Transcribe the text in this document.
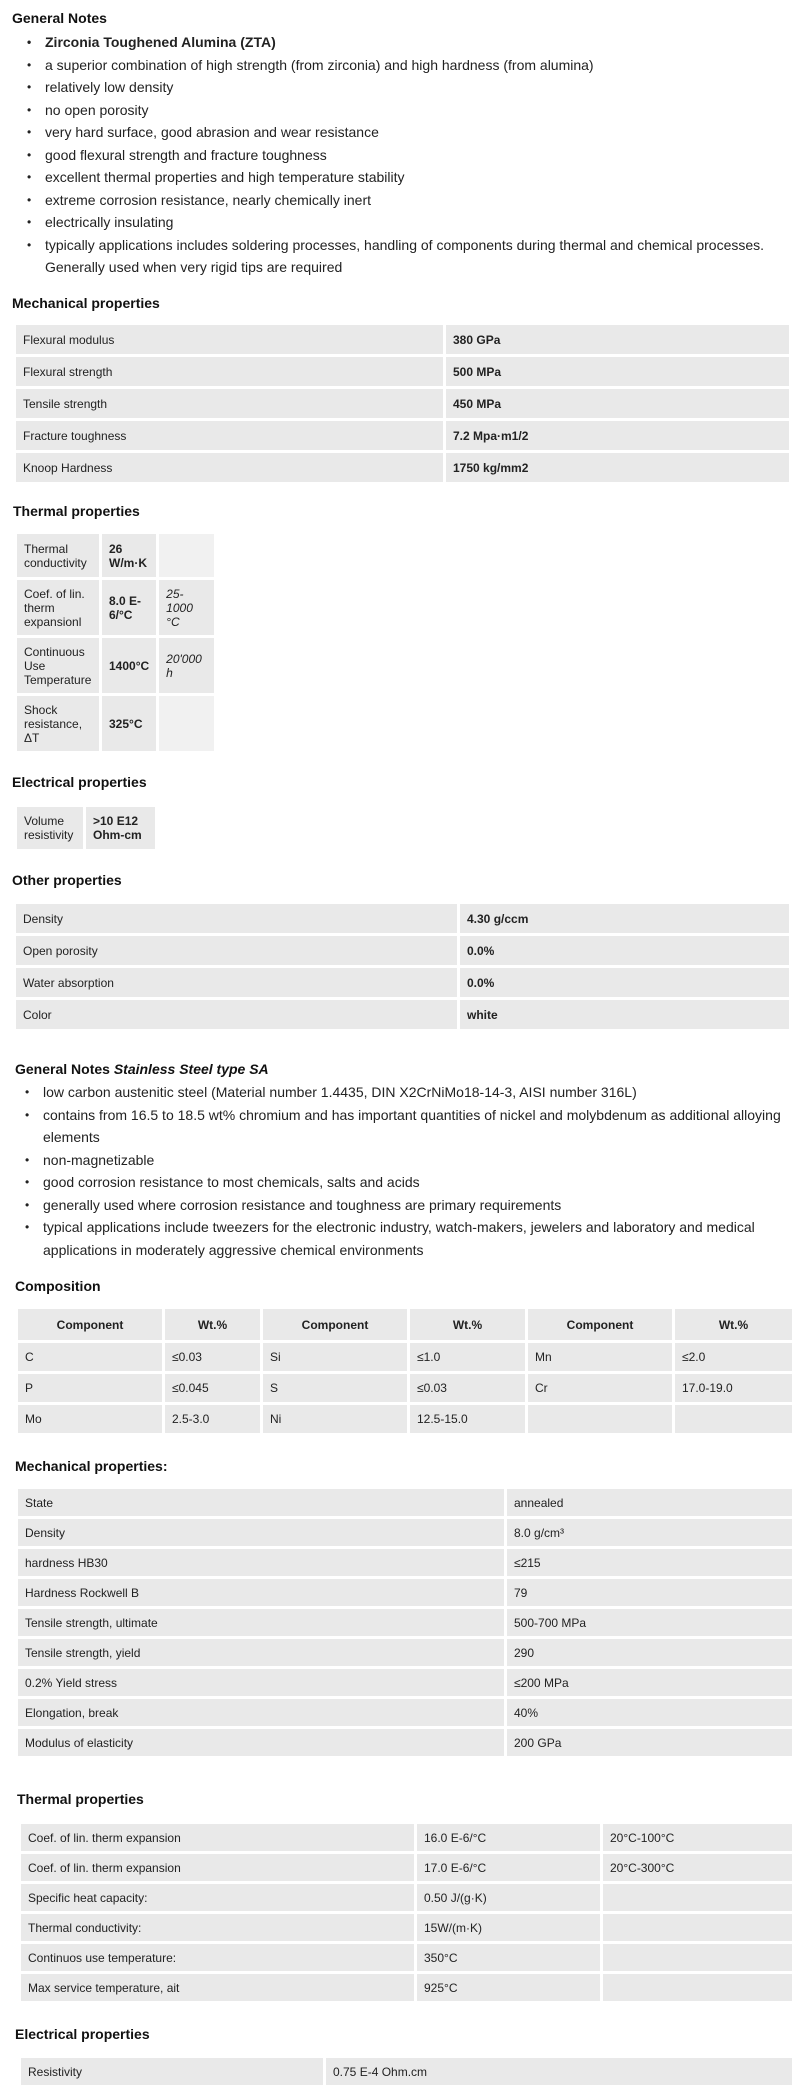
General Notes
• Zirconia Toughened Alumina (ZTA)
• a superior combination of high strength (from zirconia) and high hardness (from alumina)
• relatively low density
• no open porosity
• very hard surface, good abrasion and wear resistance
• good flexural strength and fracture toughness
• excellent thermal properties and high temperature stability
• extreme corrosion resistance, nearly chemically inert
• electrically insulating
• typically applications includes soldering processes, handling of components during thermal and chemical processes. Generally used when very rigid tips are required
Mechanical properties
Flexural modulus	380 GPa
Flexural strength	500 MPa
Tensile strength	450 MPa
Fracture toughness	7.2 Mpa·m1/2
Knoop Hardness	1750 kg/mm2
Thermal properties
Thermal conductivity	26 W/m·K	
Coef. of lin. therm expansionl	8.0 E-6/°C	25-1000 °C
Continuous Use Temperature	1400°C	20'000 h
Shock resistance, ΔT	325°C	
Electrical properties
Volume resistivity	>10 E12 Ohm-cm
Other properties
Density	4.30 g/ccm
Open porosity	0.0%
Water absorption	0.0%
Color	white
General Notes Stainless Steel type SA
• low carbon austenitic steel (Material number 1.4435, DIN X2CrNiMo18-14-3, AISI number 316L)
• contains from 16.5 to 18.5 wt% chromium and has important quantities of nickel and molybdenum as additional alloying elements
• non-magnetizable
• good corrosion resistance to most chemicals, salts and acids
• generally used where corrosion resistance and toughness are primary requirements
• typical applications include tweezers for the electronic industry, watch-makers, jewelers and laboratory and medical applications in moderately aggressive chemical environments
Composition
Component	Wt.%	Component	Wt.%	Component	Wt.%
C	≤0.03	Si	≤1.0	Mn	≤2.0
P	≤0.045	S	≤0.03	Cr	17.0-19.0
Mo	2.5-3.0	Ni	12.5-15.0		
Mechanical properties:
State	annealed
Density	8.0 g/cm³
hardness HB30	≤215
Hardness Rockwell B	79
Tensile strength, ultimate	500-700 MPa
Tensile strength, yield	290
0.2% Yield stress	≤200 MPa
Elongation, break	40%
Modulus of elasticity	200 GPa
Thermal properties
Coef. of lin. therm expansion	16.0 E-6/°C	20°C-100°C
Coef. of lin. therm expansion	17.0 E-6/°C	20°C-300°C
Specific heat capacity:	0.50 J/(g·K)	
Thermal conductivity:	15W/(m·K)	
Continuos use temperature:	350°C	
Max service temperature, ait	925°C	
Electrical properties
Resistivity	0.75 E-4 Ohm.cm
